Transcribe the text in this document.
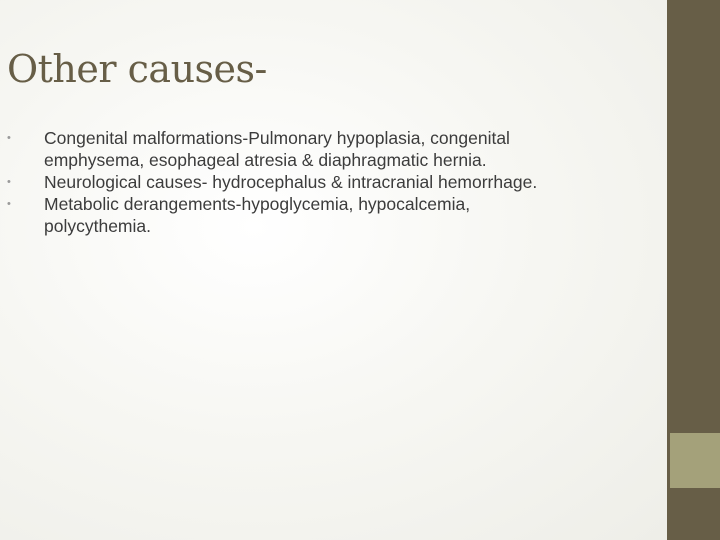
Other causes-
•	Congenital malformations-Pulmonary hypoplasia, congenital
emphysema, esophageal atresia & diaphragmatic hernia.
•	Neurological causes- hydrocephalus & intracranial hemorrhage.
•	Metabolic derangements-hypoglycemia, hypocalcemia,
polycythemia.
